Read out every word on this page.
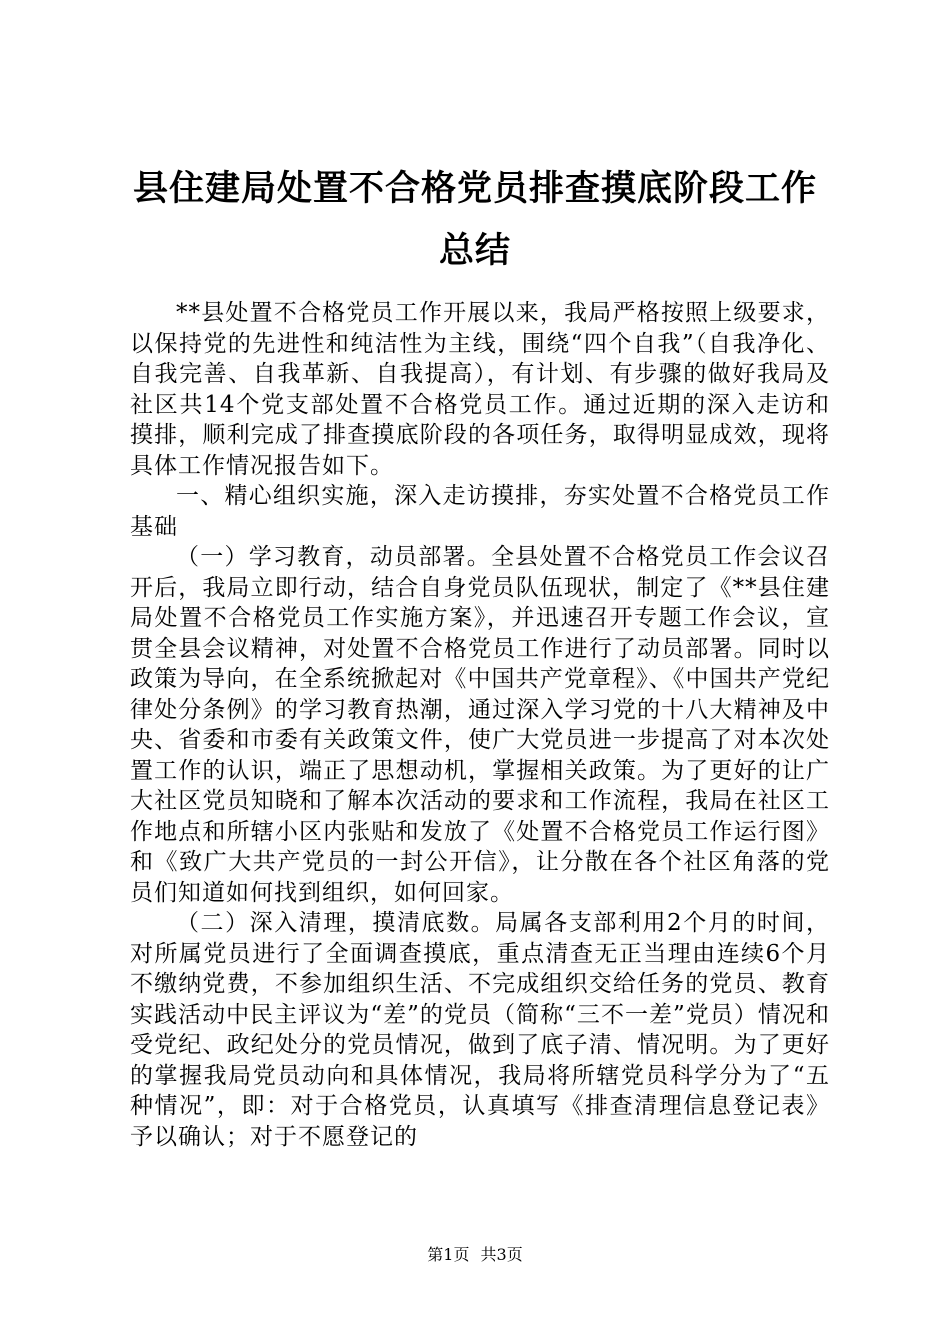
县住建局处置不合格党员排查摸底阶段工作总结

**县处置不合格党员工作开展以来，我局严格按照上级要求，以保持党的先进性和纯洁性为主线，围绕“四个自我”（自我净化、自我完善、自我革新、自我提高），有计划、有步骤的做好我局及社区共14个党支部处置不合格党员工作。通过近期的深入走访和摸排，顺利完成了排查摸底阶段的各项任务，取得明显成效，现将具体工作情况报告如下。

一、精心组织实施，深入走访摸排，夯实处置不合格党员工作基础

（一）学习教育，动员部署。全县处置不合格党员工作会议召开后，我局立即行动，结合自身党员队伍现状，制定了《**县住建局处置不合格党员工作实施方案》，并迅速召开专题工作会议，宣贯全县会议精神，对处置不合格党员工作进行了动员部署。同时以政策为导向，在全系统掀起对《中国共产党章程》、《中国共产党纪律处分条例》的学习教育热潮，通过深入学习党的十八大精神及中央、省委和市委有关政策文件，使广大党员进一步提高了对本次处置工作的认识，端正了思想动机，掌握相关政策。为了更好的让广大社区党员知晓和了解本次活动的要求和工作流程，我局在社区工作地点和所辖小区内张贴和发放了《处置不合格党员工作运行图》和《致广大共产党员的一封公开信》，让分散在各个社区角落的党员们知道如何找到组织，如何回家。

（二）深入清理，摸清底数。局属各支部利用2个月的时间，对所属党员进行了全面调查摸底，重点清查无正当理由连续6个月不缴纳党费，不参加组织生活、不完成组织交给任务的党员、教育实践活动中民主评议为“差”的党员（简称“三不一差”党员）情况和受党纪、政纪处分的党员情况，做到了底子清、情况明。为了更好的掌握我局党员动向和具体情况，我局将所辖党员科学分为了“五种情况”，即：对于合格党员，认真填写《排查清理信息登记表》予以确认；对于不愿登记的

第1页 共3页
